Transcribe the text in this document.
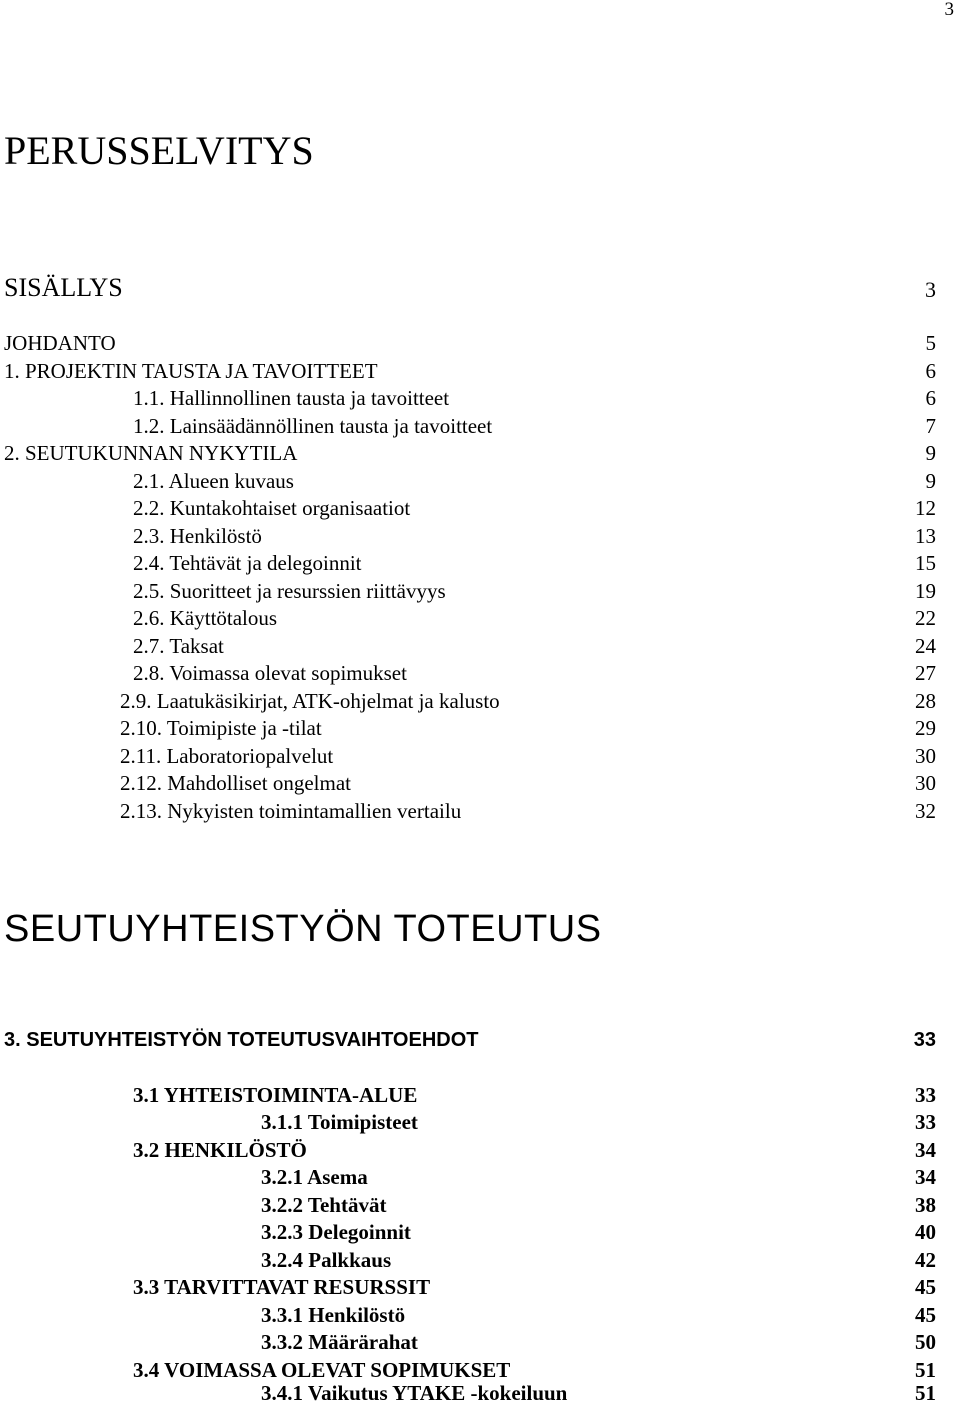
3
PERUSSELVITYS
SISÄLLYS	3
JOHDANTO	5
1. PROJEKTIN TAUSTA JA TAVOITTEET	6
1.1. Hallinnollinen tausta ja tavoitteet	6
1.2. Lainsäädännöllinen tausta ja tavoitteet	7
2. SEUTUKUNNAN NYKYTILA	9
2.1. Alueen kuvaus	9
2.2. Kuntakohtaiset organisaatiot	12
2.3. Henkilöstö	13
2.4. Tehtävät ja delegoinnit	15
2.5. Suoritteet ja resurssien riittävyys	19
2.6. Käyttötalous	22
2.7. Taksat	24
2.8. Voimassa olevat sopimukset	27
2.9. Laatukäsikirjat, ATK-ohjelmat ja kalusto	28
2.10. Toimipiste ja -tilat	29
2.11. Laboratoriopalvelut	30
2.12. Mahdolliset ongelmat	30
2.13. Nykyisten toimintamallien vertailu	32
SEUTUYHTEISTYÖN TOTEUTUS
3. SEUTUYHTEISTYÖN TOTEUTUSVAIHTOEHDOT	33
3.1 YHTEISTOIMINTA-ALUE	33
3.1.1 Toimipisteet	33
3.2 HENKILÖSTÖ	34
3.2.1 Asema	34
3.2.2 Tehtävät	38
3.2.3 Delegoinnit	40
3.2.4 Palkkaus	42
3.3 TARVITTAVAT RESURSSIT	45
3.3.1 Henkilöstö	45
3.3.2 Määrärahat	50
3.4 VOIMASSA OLEVAT SOPIMUKSET	51
3.4.1 Vaikutus YTAKE -kokeiluun	51
